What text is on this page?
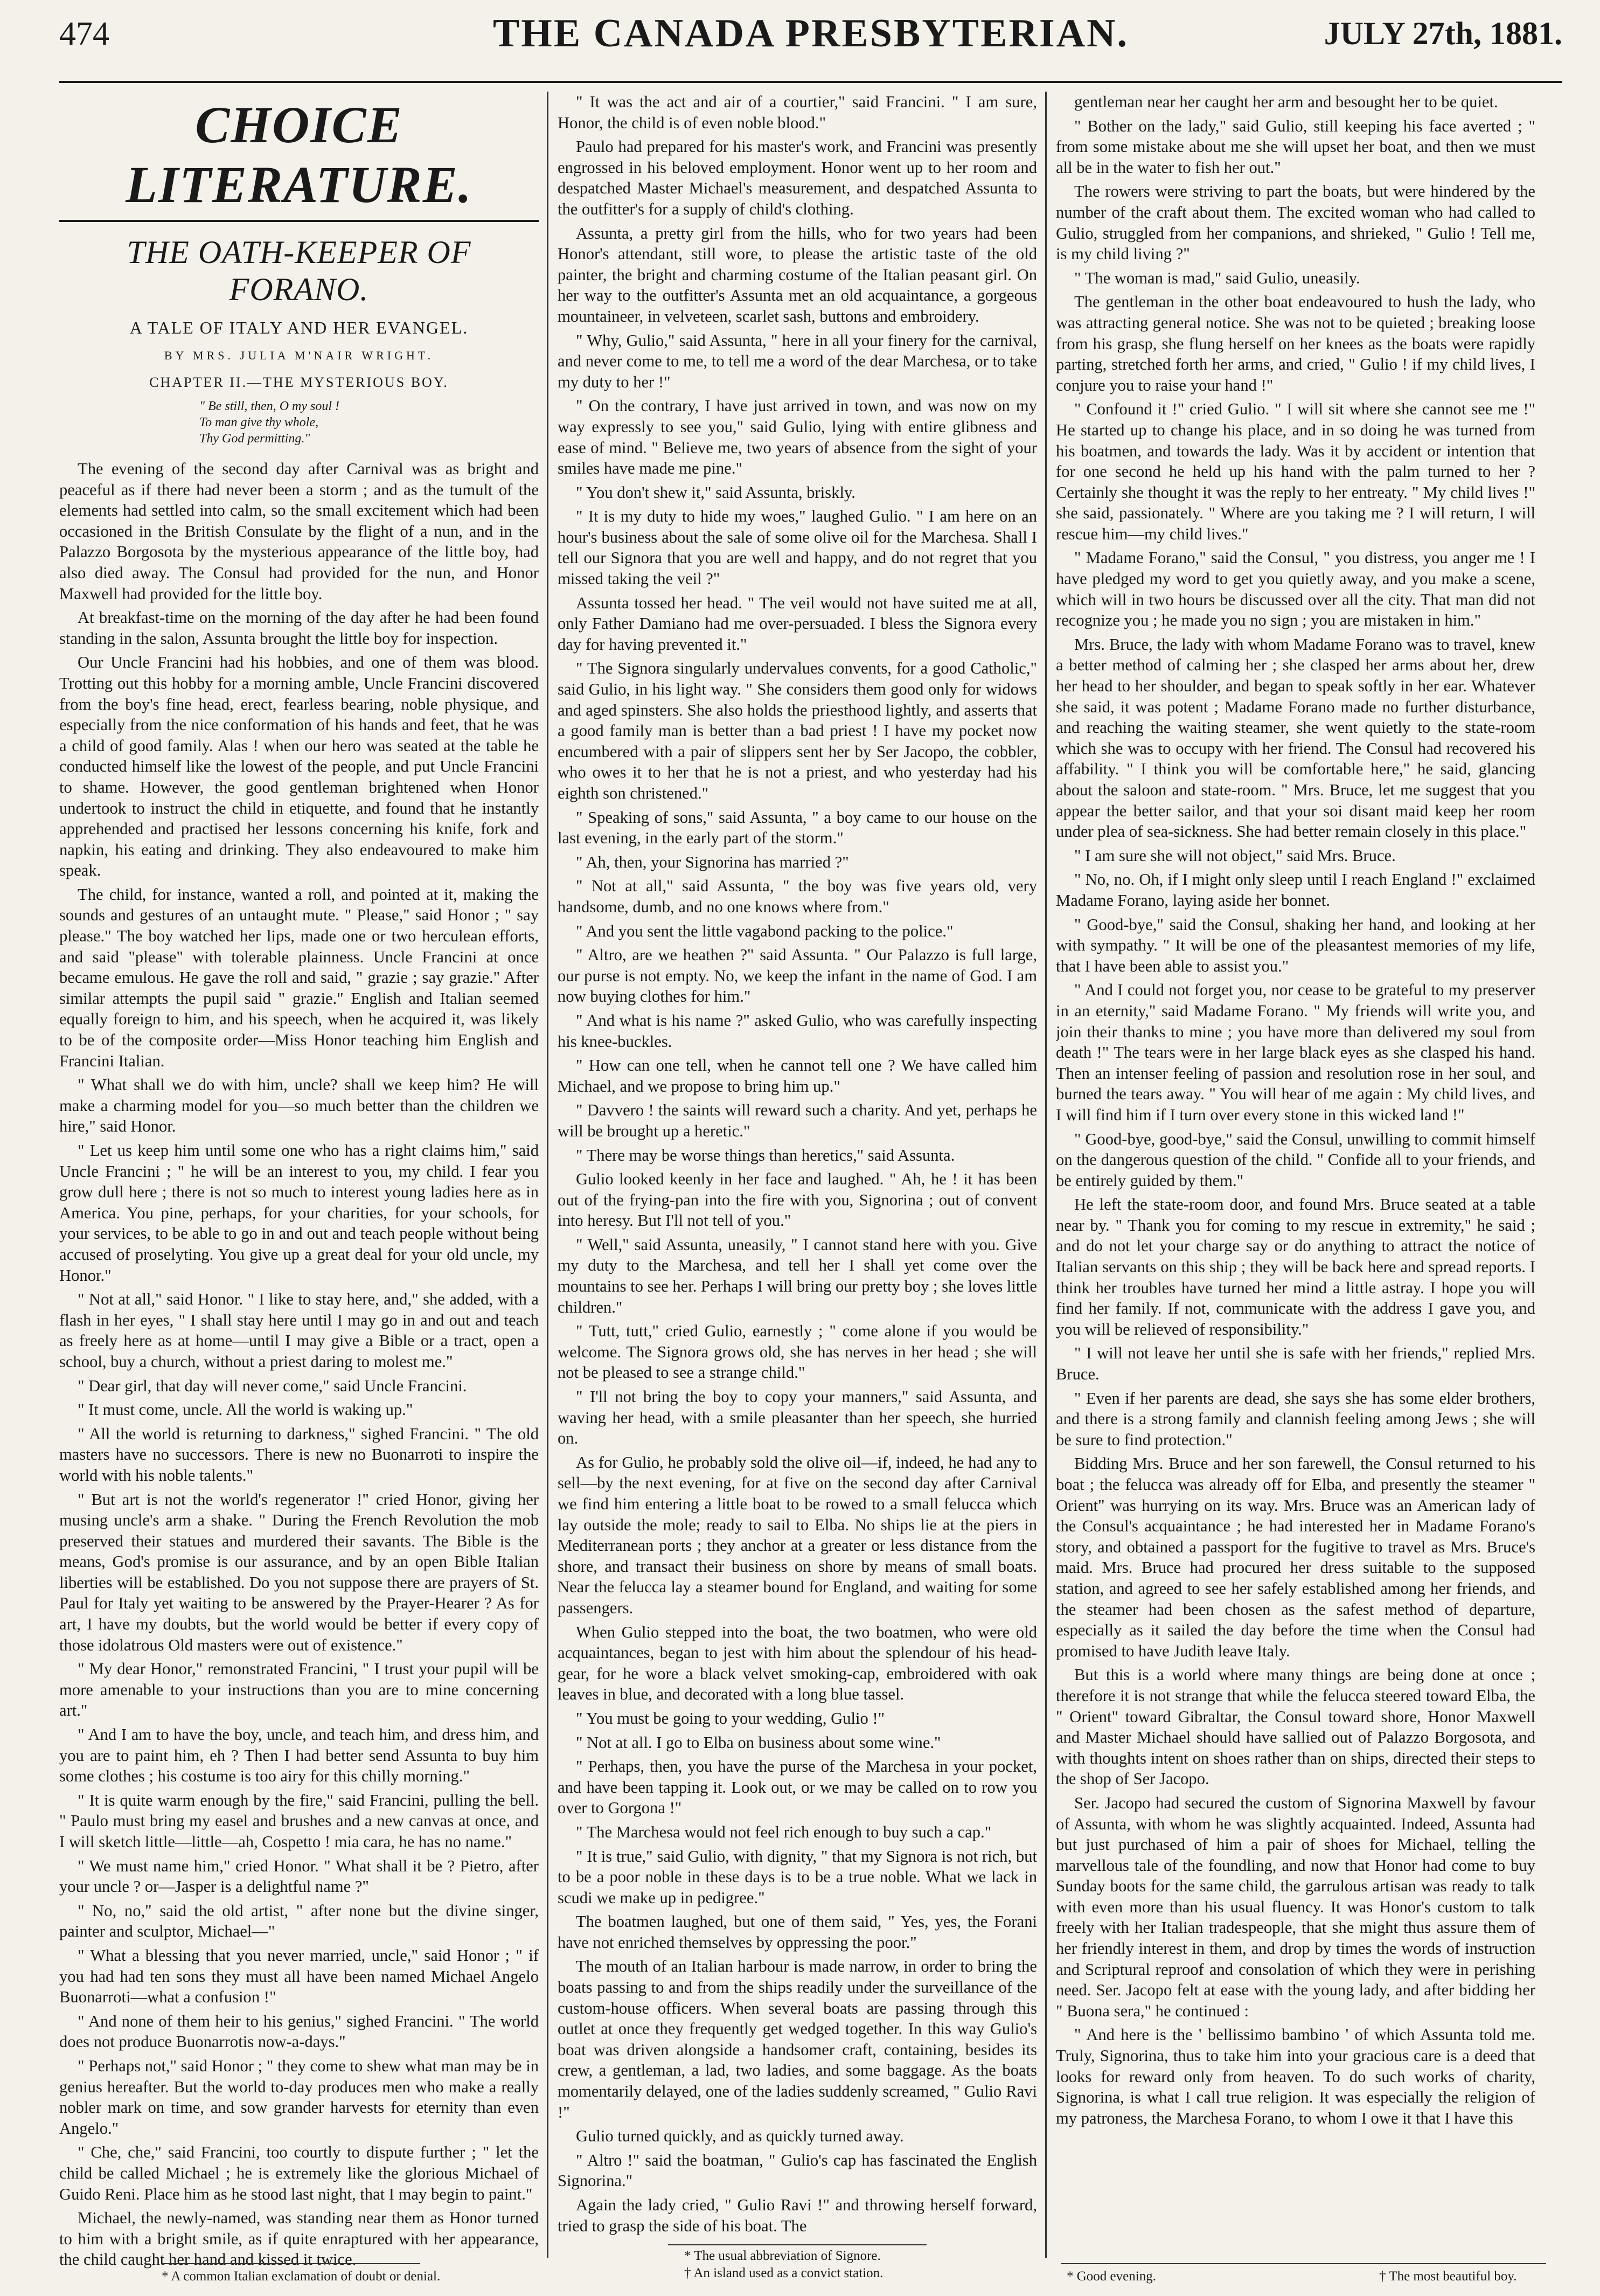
474	THE CANADA PRESBYTERIAN.	JULY 27th, 1881.
CHOICE LITERATURE.
THE OATH-KEEPER OF FORANO.
A TALE OF ITALY AND HER EVANGEL.
BY MRS. JULIA M'NAIR WRIGHT.
CHAPTER II.—THE MYSTERIOUS BOY.
" Be still, then, O my soul !
To man give thy whole,
Thy God permitting."

The evening of the second day after Carnival was as bright and peaceful as if there had never been a storm ; and as the tumult of the elements had settled into calm, so the small excitement which had been occasioned in the British Consulate by the flight of a nun, and in the Palazzo Borgosota by the mysterious appearance of the little boy, had also died away. The Consul had provided for the nun, and Honor Maxwell had provided for the little boy.

At breakfast-time on the morning of the day after he had been found standing in the salon, Assunta brought the little boy for inspection.

Our Uncle Francini had his hobbies, and one of them was blood. Trotting out this hobby for a morning amble, Uncle Francini discovered from the boy's fine head, erect, fearless bearing, noble physique, and especially from the nice conformation of his hands and feet, that he was a child of good family. Alas ! when our hero was seated at the table he conducted himself like the lowest of the people, and put Uncle Francini to shame. However, the good gentleman brightened when Honor undertook to instruct the child in etiquette, and found that he instantly apprehended and practised her lessons concerning his knife, fork and napkin, his eating and drinking. They also endeavoured to make him speak.

The child, for instance, wanted a roll, and pointed at it, making the sounds and gestures of an untaught mute. " Please," said Honor ; " say please." The boy watched her lips, made one or two herculean efforts, and said "please" with tolerable plainness. Uncle Francini at once became emulous. He gave the roll and said, " grazie ; say grazie." After similar attempts the pupil said " grazie." English and Italian seemed equally foreign to him, and his speech, when he acquired it, was likely to be of the composite order—Miss Honor teaching him English and Francini Italian.

" What shall we do with him, uncle? shall we keep him? He will make a charming model for you—so much better than the children we hire," said Honor.

" Let us keep him until some one who has a right claims him," said Uncle Francini ; " he will be an interest to you, my child. I fear you grow dull here ; there is not so much to interest young ladies here as in America. You pine, perhaps, for your charities, for your schools, for your services, to be able to go in and out and teach people without being accused of proselyting. You give up a great deal for your old uncle, my Honor."

" Not at all," said Honor. " I like to stay here, and," she added, with a flash in her eyes, " I shall stay here until I may go in and out and teach as freely here as at home—until I may give a Bible or a tract, open a school, buy a church, without a priest daring to molest me."

" Dear girl, that day will never come," said Uncle Francini.

" It must come, uncle. All the world is waking up."

" All the world is returning to darkness," sighed Francini. " The old masters have no successors. There is new no Buonarroti to inspire the world with his noble talents."

" But art is not the world's regenerator !" cried Honor, giving her musing uncle's arm a shake. " During the French Revolution the mob preserved their statues and murdered their savants. The Bible is the means, God's promise is our assurance, and by an open Bible Italian liberties will be established. Do you not suppose there are prayers of St. Paul for Italy yet waiting to be answered by the Prayer-Hearer ? As for art, I have my doubts, but the world would be better if every copy of those idolatrous Old masters were out of existence."

" My dear Honor," remonstrated Francini, " I trust your pupil will be more amenable to your instructions than you are to mine concerning art."

" And I am to have the boy, uncle, and teach him, and dress him, and you are to paint him, eh ? Then I had better send Assunta to buy him some clothes ; his costume is too airy for this chilly morning."

" It is quite warm enough by the fire," said Francini, pulling the bell. " Paulo must bring my easel and brushes and a new canvas at once, and I will sketch little—little—ah, Cospetto ! mia cara, he has no name."

" We must name him," cried Honor. " What shall it be ? Pietro, after your uncle ? or—Jasper is a delightful name ?"

" No, no," said the old artist, " after none but the divine singer, painter and sculptor, Michael—"

" What a blessing that you never married, uncle," said Honor ; " if you had had ten sons they must all have been named Michael Angelo Buonarroti—what a confusion !"

" And none of them heir to his genius," sighed Francini. " The world does not produce Buonarrotis now-a-days."

" Perhaps not," said Honor ; " they come to shew what man may be in genius hereafter. But the world to-day produces men who make a really nobler mark on time, and sow grander harvests for eternity than even Angelo."

" Che, che," said Francini, too courtly to dispute further ; " let the child be called Michael ; he is extremely like the glorious Michael of Guido Reni. Place him as he stood last night, that I may begin to paint."

Michael, the newly-named, was standing near them as Honor turned to him with a bright smile, as if quite enraptured with her appearance, the child caught her hand and kissed it twice.

" It was the act and air of a courtier," said Francini. " I am sure, Honor, the child is of even noble blood."

Paulo had prepared for his master's work, and Francini was presently engrossed in his beloved employment. Honor went up to her room and despatched Master Michael's measurement, and despatched Assunta to the outfitter's for a supply of child's clothing.

Assunta, a pretty girl from the hills, who for two years had been Honor's attendant, still wore, to please the artistic taste of the old painter, the bright and charming costume of the Italian peasant girl. On her way to the outfitter's Assunta met an old acquaintance, a gorgeous mountaineer, in velveteen, scarlet sash, buttons and embroidery.

" Why, Gulio," said Assunta, " here in all your finery for the carnival, and never come to me, to tell me a word of the dear Marchesa, or to take my duty to her !"

" On the contrary, I have just arrived in town, and was now on my way expressly to see you," said Gulio, lying with entire glibness and ease of mind. " Believe me, two years of absence from the sight of your smiles have made me pine."

" You don't shew it," said Assunta, briskly.

" It is my duty to hide my woes," laughed Gulio. " I am here on an hour's business about the sale of some olive oil for the Marchesa. Shall I tell our Signora that you are well and happy, and do not regret that you missed taking the veil ?"

Assunta tossed her head. " The veil would not have suited me at all, only Father Damiano had me over-persuaded. I bless the Signora every day for having prevented it."

" The Signora singularly undervalues convents, for a good Catholic," said Gulio, in his light way. " She considers them good only for widows and aged spinsters. She also holds the priesthood lightly, and asserts that a good family man is better than a bad priest ! I have my pocket now encumbered with a pair of slippers sent her by Ser Jacopo, the cobbler, who owes it to her that he is not a priest, and who yesterday had his eighth son christened."

" Speaking of sons," said Assunta, " a boy came to our house on the last evening, in the early part of the storm."

" Ah, then, your Signorina has married ?"

" Not at all," said Assunta, " the boy was five years old, very handsome, dumb, and no one knows where from."

" And you sent the little vagabond packing to the police."

" Altro, are we heathen ?" said Assunta. " Our Palazzo is full large, our purse is not empty. No, we keep the infant in the name of God. I am now buying clothes for him."

" And what is his name ?" asked Gulio, who was carefully inspecting his knee-buckles.

" How can one tell, when he cannot tell one ? We have called him Michael, and we propose to bring him up."

" Davvero ! the saints will reward such a charity. And yet, perhaps he will be brought up a heretic."

" There may be worse things than heretics," said Assunta.

Gulio looked keenly in her face and laughed. " Ah, he ! it has been out of the frying-pan into the fire with you, Signorina ; out of convent into heresy. But I'll not tell of you."

" Well," said Assunta, uneasily, " I cannot stand here with you. Give my duty to the Marchesa, and tell her I shall yet come over the mountains to see her. Perhaps I will bring our pretty boy ; she loves little children."

" Tutt, tutt," cried Gulio, earnestly ; " come alone if you would be welcome. The Signora grows old, she has nerves in her head ; she will not be pleased to see a strange child."

" I'll not bring the boy to copy your manners," said Assunta, and waving her head, with a smile pleasanter than her speech, she hurried on.

As for Gulio, he probably sold the olive oil—if, indeed, he had any to sell—by the next evening, for at five on the second day after Carnival we find him entering a little boat to be rowed to a small felucca which lay outside the mole; ready to sail to Elba. No ships lie at the piers in Mediterranean ports ; they anchor at a greater or less distance from the shore, and transact their business on shore by means of small boats. Near the felucca lay a steamer bound for England, and waiting for some passengers.

When Gulio stepped into the boat, the two boatmen, who were old acquaintances, began to jest with him about the splendour of his head-gear, for he wore a black velvet smoking-cap, embroidered with oak leaves in blue, and decorated with a long blue tassel.

" You must be going to your wedding, Gulio !"

" Not at all. I go to Elba on business about some wine."

" Perhaps, then, you have the purse of the Marchesa in your pocket, and have been tapping it. Look out, or we may be called on to row you over to Gorgona !"

" The Marchesa would not feel rich enough to buy such a cap."

" It is true," said Gulio, with dignity, " that my Signora is not rich, but to be a poor noble in these days is to be a true noble. What we lack in scudi we make up in pedigree."

The boatmen laughed, but one of them said, " Yes, yes, the Forani have not enriched themselves by oppressing the poor."

The mouth of an Italian harbour is made narrow, in order to bring the boats passing to and from the ships readily under the surveillance of the custom-house officers. When several boats are passing through this outlet at once they frequently get wedged together. In this way Gulio's boat was driven alongside a handsomer craft, containing, besides its crew, a gentleman, a lad, two ladies, and some baggage. As the boats momentarily delayed, one of the ladies suddenly screamed, " Gulio Ravi !"

Gulio turned quickly, and as quickly turned away.

" Altro !" said the boatman, " Gulio's cap has fascinated the English Signorina."

Again the lady cried, " Gulio Ravi !" and throwing herself forward, tried to grasp the side of his boat. The

gentleman near her caught her arm and besought her to be quiet.

" Bother on the lady," said Gulio, still keeping his face averted ; " from some mistake about me she will upset her boat, and then we must all be in the water to fish her out."

The rowers were striving to part the boats, but were hindered by the number of the craft about them. The excited woman who had called to Gulio, struggled from her companions, and shrieked, " Gulio ! Tell me, is my child living ?"

" The woman is mad," said Gulio, uneasily.

The gentleman in the other boat endeavoured to hush the lady, who was attracting general notice. She was not to be quieted ; breaking loose from his grasp, she flung herself on her knees as the boats were rapidly parting, stretched forth her arms, and cried, " Gulio ! if my child lives, I conjure you to raise your hand !"

" Confound it !" cried Gulio. " I will sit where she cannot see me !" He started up to change his place, and in so doing he was turned from his boatmen, and towards the lady. Was it by accident or intention that for one second he held up his hand with the palm turned to her ? Certainly she thought it was the reply to her entreaty. " My child lives !" she said, passionately. " Where are you taking me ? I will return, I will rescue him—my child lives."

" Madame Forano," said the Consul, " you distress, you anger me ! I have pledged my word to get you quietly away, and you make a scene, which will in two hours be discussed over all the city. That man did not recognize you ; he made you no sign ; you are mistaken in him."

Mrs. Bruce, the lady with whom Madame Forano was to travel, knew a better method of calming her ; she clasped her arms about her, drew her head to her shoulder, and began to speak softly in her ear. Whatever she said, it was potent ; Madame Forano made no further disturbance, and reaching the waiting steamer, she went quietly to the state-room which she was to occupy with her friend. The Consul had recovered his affability. " I think you will be comfortable here," he said, glancing about the saloon and state-room. " Mrs. Bruce, let me suggest that you appear the better sailor, and that your soi disant maid keep her room under plea of sea-sickness. She had better remain closely in this place."

" I am sure she will not object," said Mrs. Bruce.

" No, no. Oh, if I might only sleep until I reach England !" exclaimed Madame Forano, laying aside her bonnet.

" Good-bye," said the Consul, shaking her hand, and looking at her with sympathy. " It will be one of the pleasantest memories of my life, that I have been able to assist you."

" And I could not forget you, nor cease to be grateful to my preserver in an eternity," said Madame Forano. " My friends will write you, and join their thanks to mine ; you have more than delivered my soul from death !" The tears were in her large black eyes as she clasped his hand. Then an intenser feeling of passion and resolution rose in her soul, and burned the tears away. " You will hear of me again : My child lives, and I will find him if I turn over every stone in this wicked land !"

" Good-bye, good-bye," said the Consul, unwilling to commit himself on the dangerous question of the child. " Confide all to your friends, and be entirely guided by them."

He left the state-room door, and found Mrs. Bruce seated at a table near by. " Thank you for coming to my rescue in extremity," he said ; and do not let your charge say or do anything to attract the notice of Italian servants on this ship ; they will be back here and spread reports. I think her troubles have turned her mind a little astray. I hope you will find her family. If not, communicate with the address I gave you, and you will be relieved of responsibility."

" I will not leave her until she is safe with her friends," replied Mrs. Bruce.

" Even if her parents are dead, she says she has some elder brothers, and there is a strong family and clannish feeling among Jews ; she will be sure to find protection."

Bidding Mrs. Bruce and her son farewell, the Consul returned to his boat ; the felucca was already off for Elba, and presently the steamer " Orient" was hurrying on its way. Mrs. Bruce was an American lady of the Consul's acquaintance ; he had interested her in Madame Forano's story, and obtained a passport for the fugitive to travel as Mrs. Bruce's maid. Mrs. Bruce had procured her dress suitable to the supposed station, and agreed to see her safely established among her friends, and the steamer had been chosen as the safest method of departure, especially as it sailed the day before the time when the Consul had promised to have Judith leave Italy.

But this is a world where many things are being done at once ; therefore it is not strange that while the felucca steered toward Elba, the " Orient" toward Gibraltar, the Consul toward shore, Honor Maxwell and Master Michael should have sallied out of Palazzo Borgosota, and with thoughts intent on shoes rather than on ships, directed their steps to the shop of Ser Jacopo.

Ser. Jacopo had secured the custom of Signorina Maxwell by favour of Assunta, with whom he was slightly acquainted. Indeed, Assunta had but just purchased of him a pair of shoes for Michael, telling the marvellous tale of the foundling, and now that Honor had come to buy Sunday boots for the same child, the garrulous artisan was ready to talk with even more than his usual fluency. It was Honor's custom to talk freely with her Italian tradespeople, that she might thus assure them of her friendly interest in them, and drop by times the words of instruction and Scriptural reproof and consolation of which they were in perishing need. Ser. Jacopo felt at ease with the young lady, and after bidding her " Buona sera," he continued :

" And here is the ' bellissimo bambino ' of which Assunta told me. Truly, Signorina, thus to take him into your gracious care is a deed that looks for reward only from heaven. To do such works of charity, Signorina, is what I call true religion. It was especially the religion of my patroness, the Marchesa Forano, to whom I owe it that I have this

* A common Italian exclamation of doubt or denial.
* The usual abbreviation of Signore.
† An island used as a convict station.	* Good evening.	† The most beautiful boy.
